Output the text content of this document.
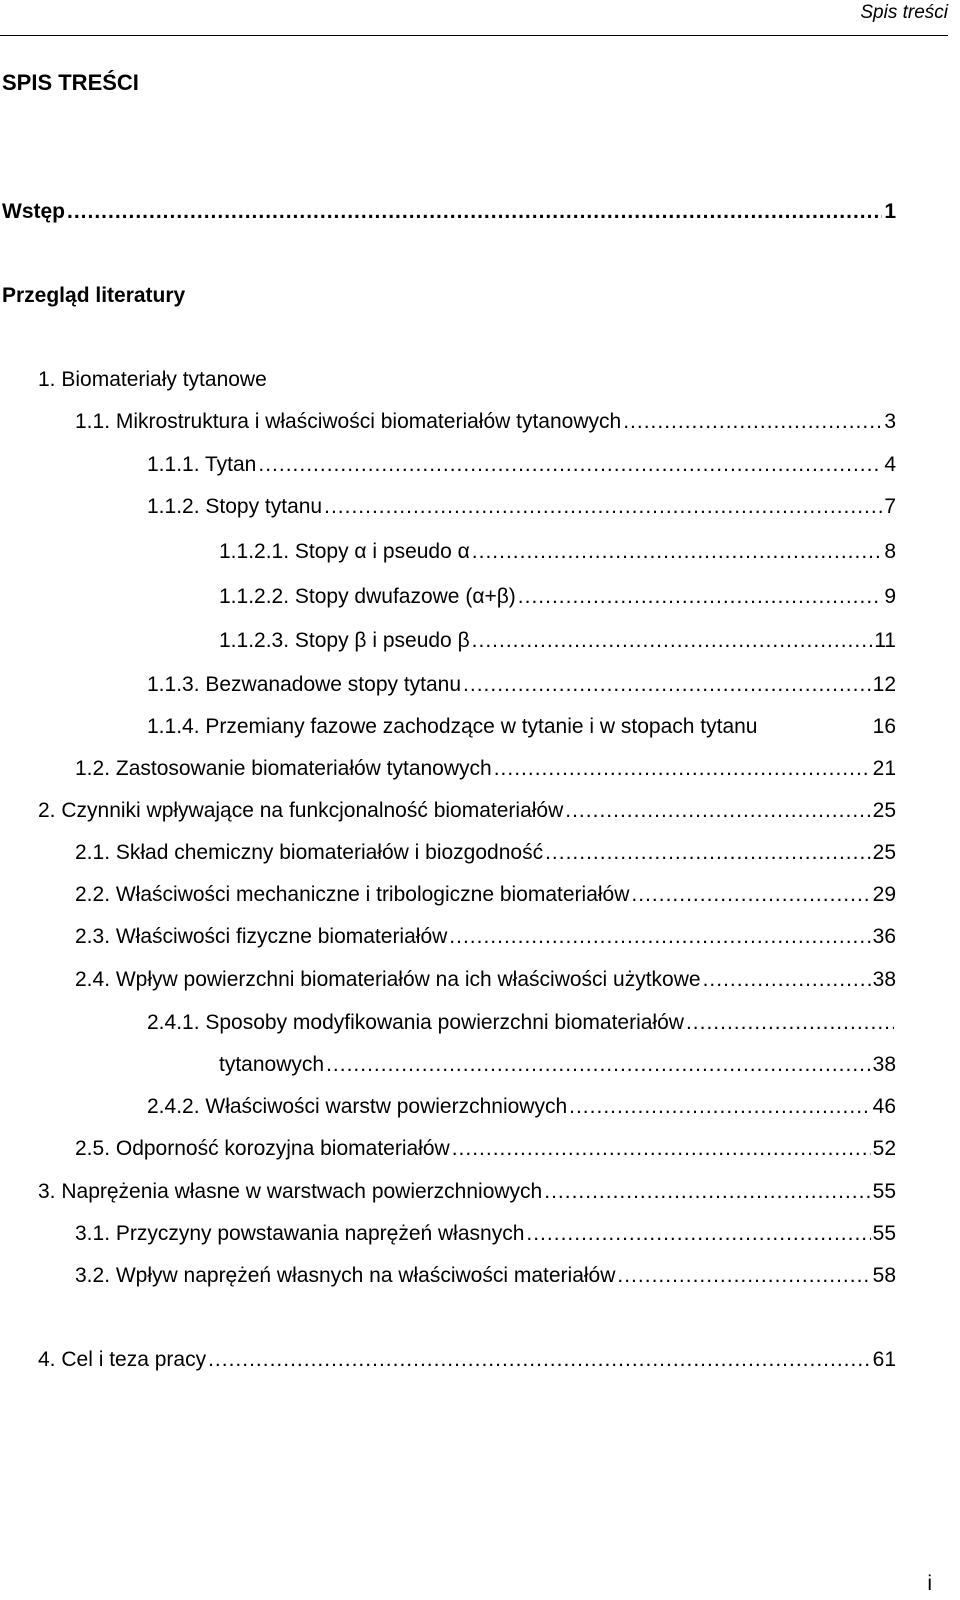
Spis treści
SPIS TREŚCI
Wstęp .....	1
Przegląd literatury
1. Biomateriały tytanowe
1.1. Mikrostruktura i właściwości biomateriałów tytanowych .....	3
1.1.1. Tytan .....	4
1.1.2. Stopy tytanu .....	7
1.1.2.1. Stopy α i pseudo α .....	8
1.1.2.2. Stopy dwufazowe (α+β) .....	9
1.1.2.3. Stopy β i pseudo β .....	11
1.1.3. Bezwanadowe stopy tytanu .....	12
1.1.4. Przemiany fazowe zachodzące w tytanie i w stopach tytanu	16
1.2. Zastosowanie biomateriałów tytanowych .....	21
2. Czynniki wpływające na funkcjonalność biomateriałów .....	25
2.1. Skład chemiczny biomateriałów i biozgodność .....	25
2.2. Właściwości mechaniczne i tribologiczne biomateriałów .....	29
2.3. Właściwości fizyczne biomateriałów .....	36
2.4. Wpływ powierzchni biomateriałów na ich właściwości użytkowe .....	38
2.4.1. Sposoby modyfikowania powierzchni biomateriałów
.....
tytanowych .....	38
2.4.2. Właściwości warstw powierzchniowych .....	46
2.5. Odporność korozyjna biomateriałów .....	52
3. Naprężenia własne w warstwach powierzchniowych .....	55
3.1. Przyczyny powstawania naprężeń własnych .....	55
3.2. Wpływ naprężeń własnych na właściwości materiałów .....	58
4. Cel i teza pracy .....	61
i
